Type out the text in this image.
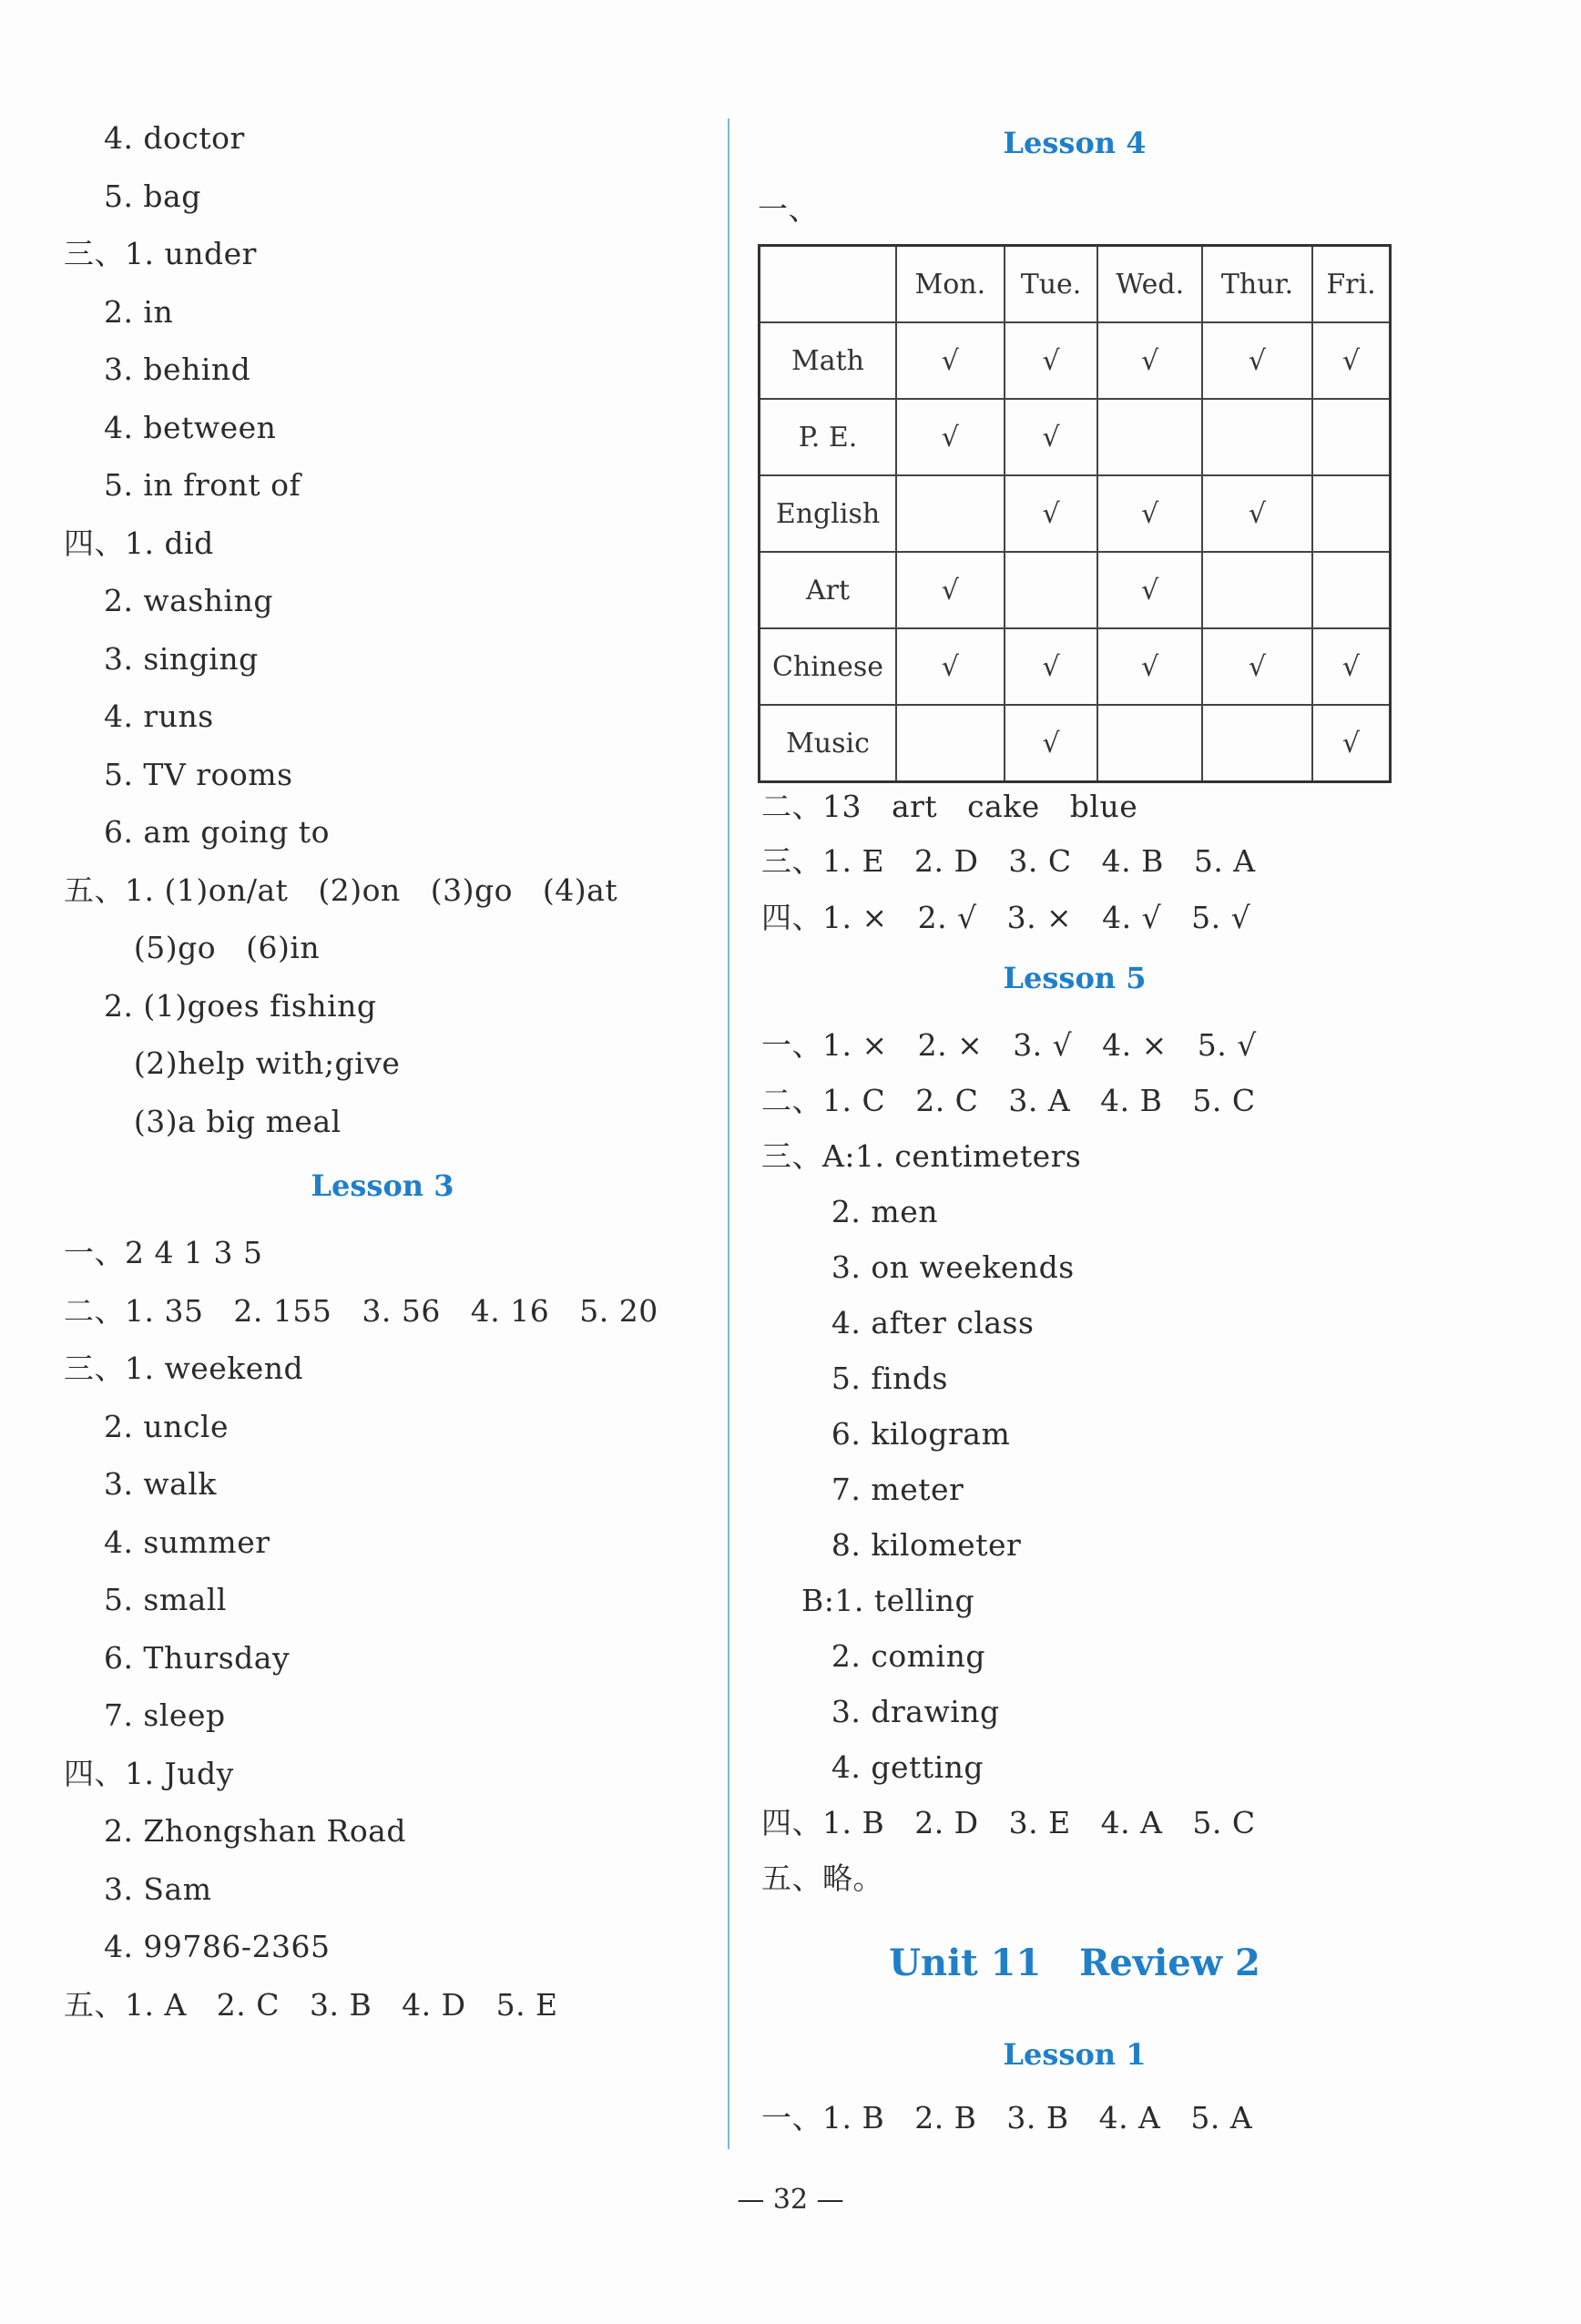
4. doctor
5. bag
三、1. under
2. in
3. behind
4. between
5. in front of
四、1. did
2. washing
3. singing
4. runs
5. TV rooms
6. am going to
五、1. (1)on/at   (2)on   (3)go   (4)at
(5)go   (6)in
2. (1)goes fishing
(2)help with;give
(3)a big meal
Lesson 3
一、2 4 1 3 5
二、1. 35   2. 155   3. 56   4. 16   5. 20
三、1. weekend
2. uncle
3. walk
4. summer
5. small
6. Thursday
7. sleep
四、1. Judy
2. Zhongshan Road
3. Sam
4. 99786-2365
五、1. A   2. C   3. B   4. D   5. E
Lesson 4
一、
	Mon.	Tue.	Wed.	Thur.	Fri.
Math	√	√	√	√	√
P. E.	√	√			
English		√	√	√	
Art	√		√		
Chinese	√	√	√	√	√
Music		√			√
二、13   art   cake   blue
三、1. E   2. D   3. C   4. B   5. A
四、1. ×   2. √   3. ×   4. √   5. √
Lesson 5
一、1. ×   2. ×   3. √   4. ×   5. √
二、1. C   2. C   3. A   4. B   5. C
三、A:1. centimeters
2. men
3. on weekends
4. after class
5. finds
6. kilogram
7. meter
8. kilometer
B:1. telling
2. coming
3. drawing
4. getting
四、1. B   2. D   3. E   4. A   5. C
五、略。
Unit 11   Review 2
Lesson 1
一、1. B   2. B   3. B   4. A   5. A
— 32 —
